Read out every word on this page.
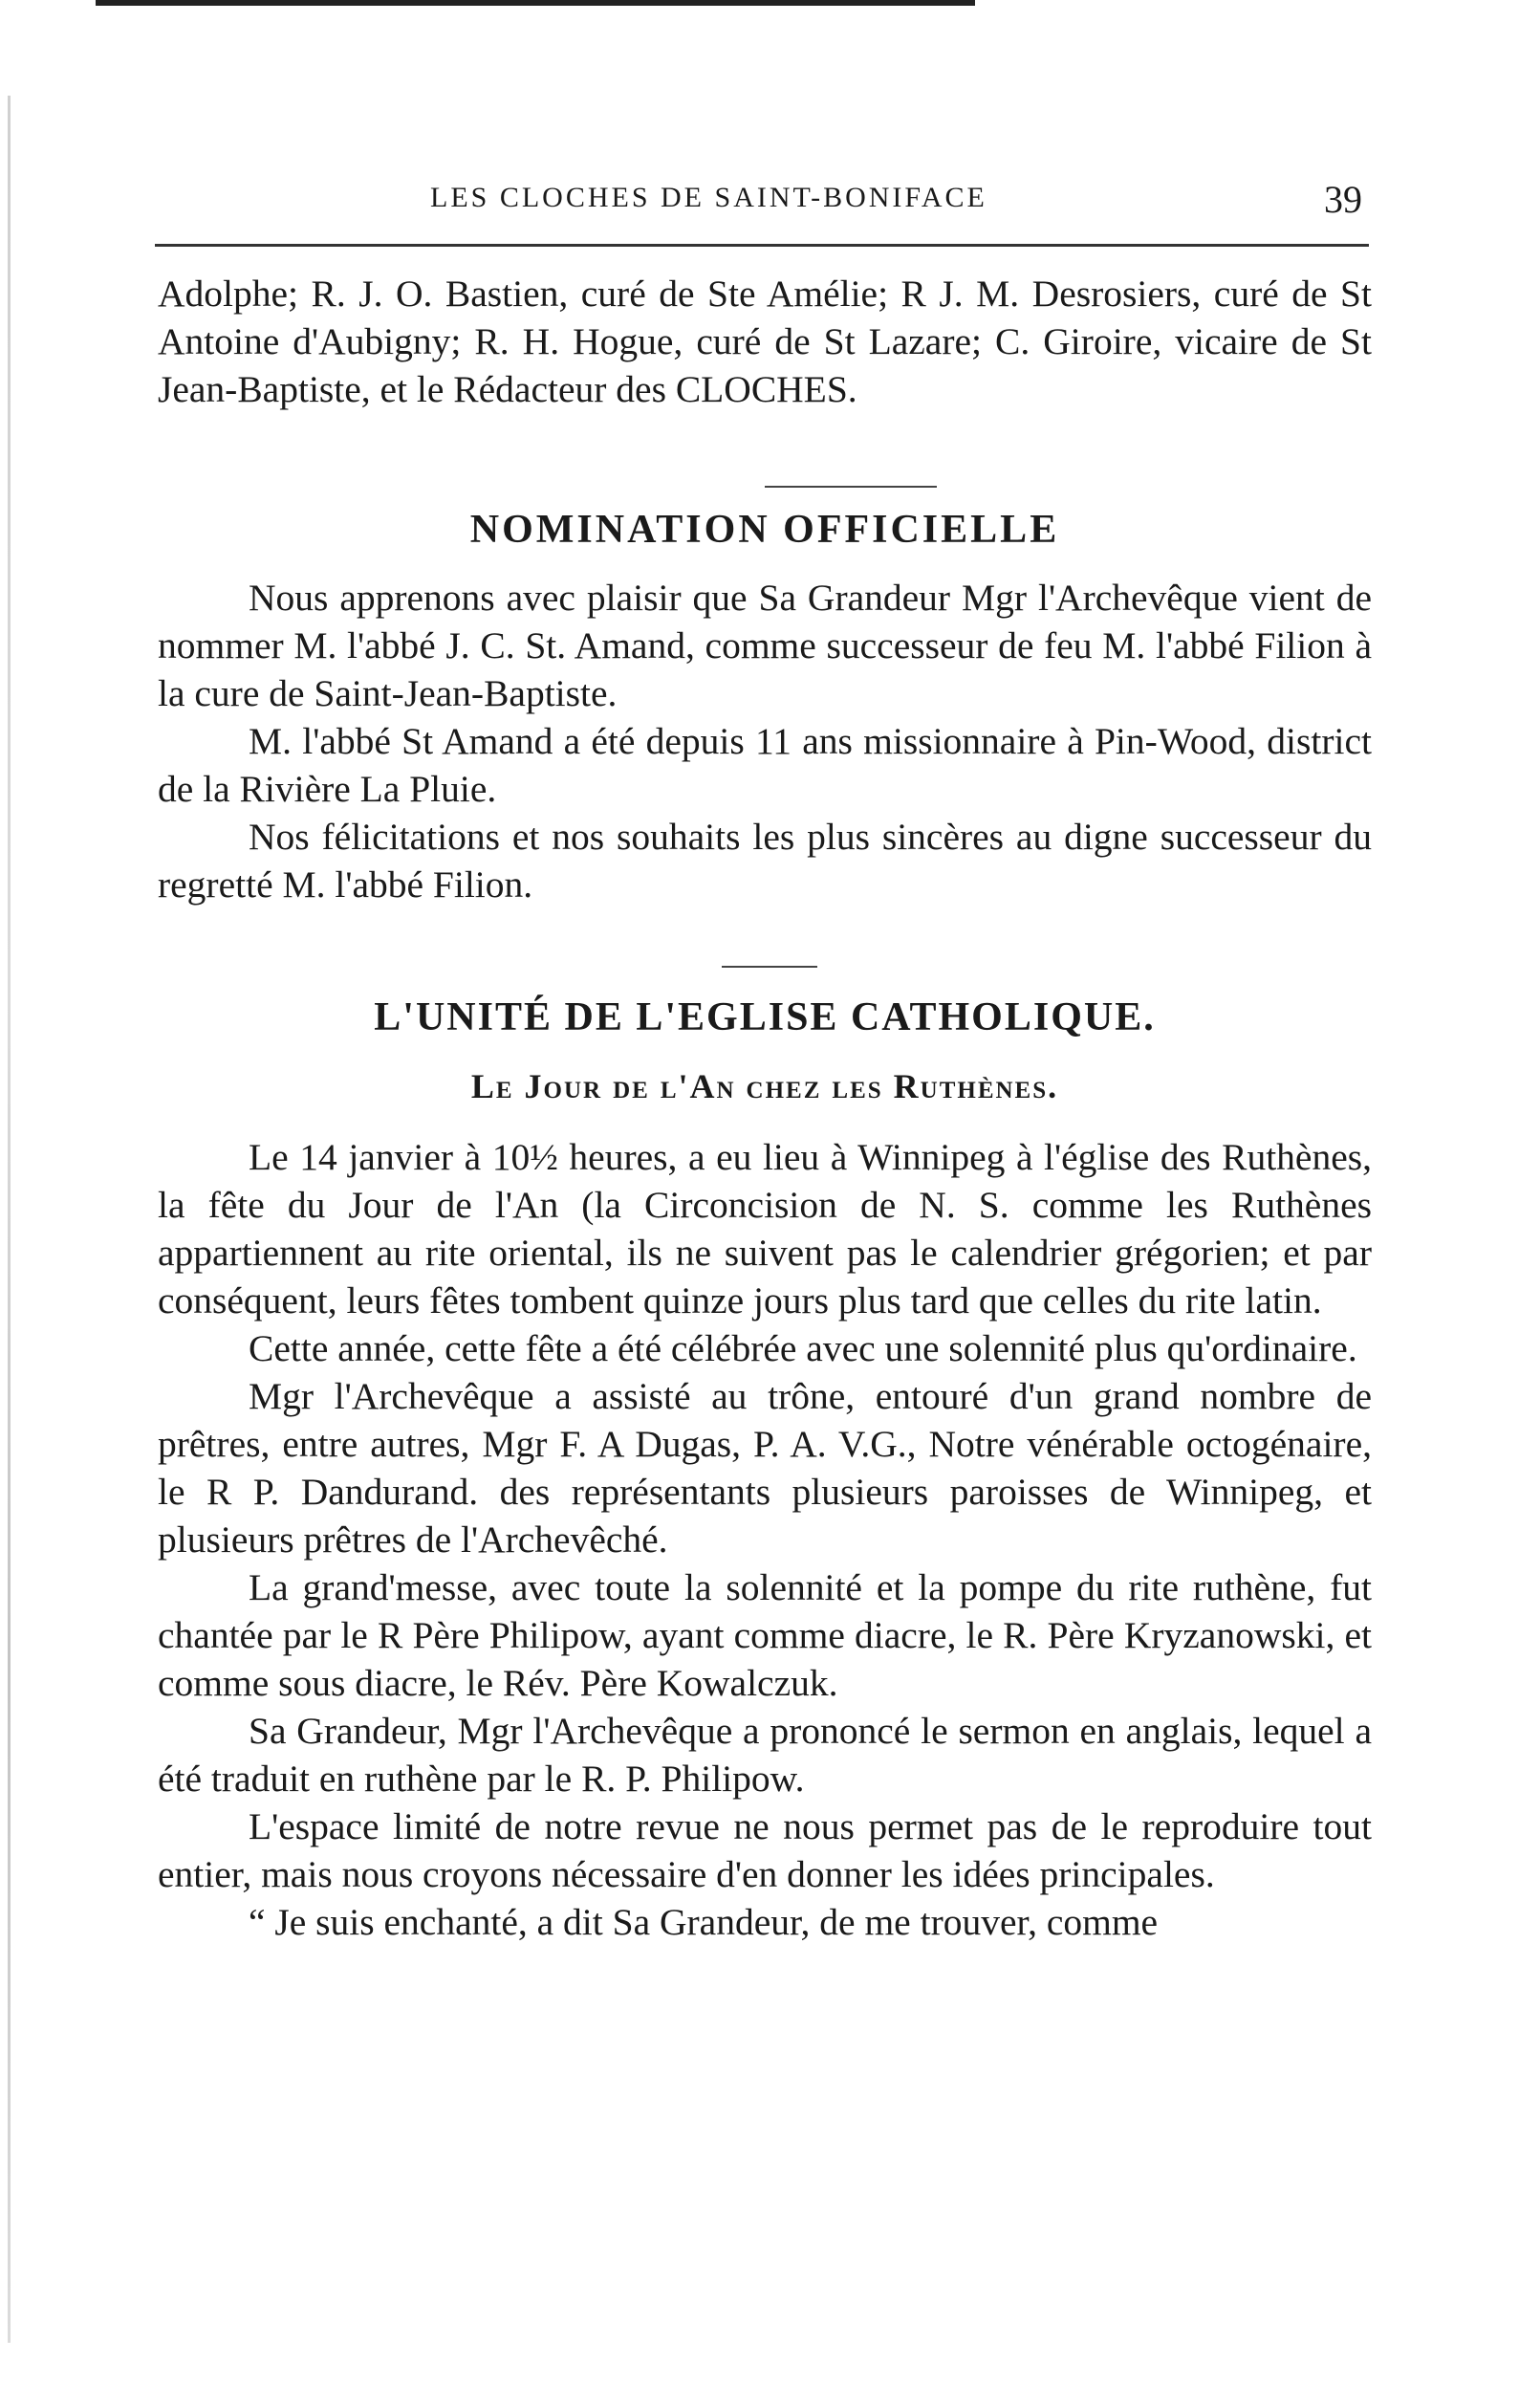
LES CLOCHES DE SAINT-BONIFACE	39

Adolphe; R. J. O. Bastien, curé de Ste Amélie; R J. M. Desrosiers, curé de St Antoine d'Aubigny; R. H. Hogue, curé de St Lazare; C. Giroire, vicaire de St Jean-Baptiste, et le Rédacteur des CLOCHES.

NOMINATION OFFICIELLE

Nous apprenons avec plaisir que Sa Grandeur Mgr l'Archevêque vient de nommer M. l'abbé J. C. St. Amand, comme successeur de feu M. l'abbé Filion à la cure de Saint-Jean-Baptiste.

M. l'abbé St Amand a été depuis 11 ans missionnaire à Pin-Wood, district de la Rivière La Pluie.

Nos félicitations et nos souhaits les plus sincères au digne successeur du regretté M. l'abbé Filion.

L'UNITÉ DE L'EGLISE CATHOLIQUE.
Le Jour de l'An chez les Ruthènes.

Le 14 janvier à 10½ heures, a eu lieu à Winnipeg à l'église des Ruthènes, la fête du Jour de l'An (la Circoncision de N. S. comme les Ruthènes appartiennent au rite oriental, ils ne suivent pas le calendrier grégorien; et par conséquent, leurs fêtes tombent quinze jours plus tard que celles du rite latin.

Cette année, cette fête a été célébrée avec une solennité plus qu'ordinaire.

Mgr l'Archevêque a assisté au trône, entouré d'un grand nombre de prêtres, entre autres, Mgr F. A Dugas, P. A. V.G., Notre vénérable octogénaire, le R P. Dandurand. des représentants plusieurs paroisses de Winnipeg, et plusieurs prêtres de l'Archevêché.

La grand'messe, avec toute la solennité et la pompe du rite ruthène, fut chantée par le R Père Philipow, ayant comme diacre, le R. Père Kryzanowski, et comme sous diacre, le Rév. Père Kowalczuk.

Sa Grandeur, Mgr l'Archevêque a prononcé le sermon en anglais, lequel a été traduit en ruthène par le R. P. Philipow.

L'espace limité de notre revue ne nous permet pas de le reproduire tout entier, mais nous croyons nécessaire d'en donner les idées principales.

“ Je suis enchanté, a dit Sa Grandeur, de me trouver, comme
